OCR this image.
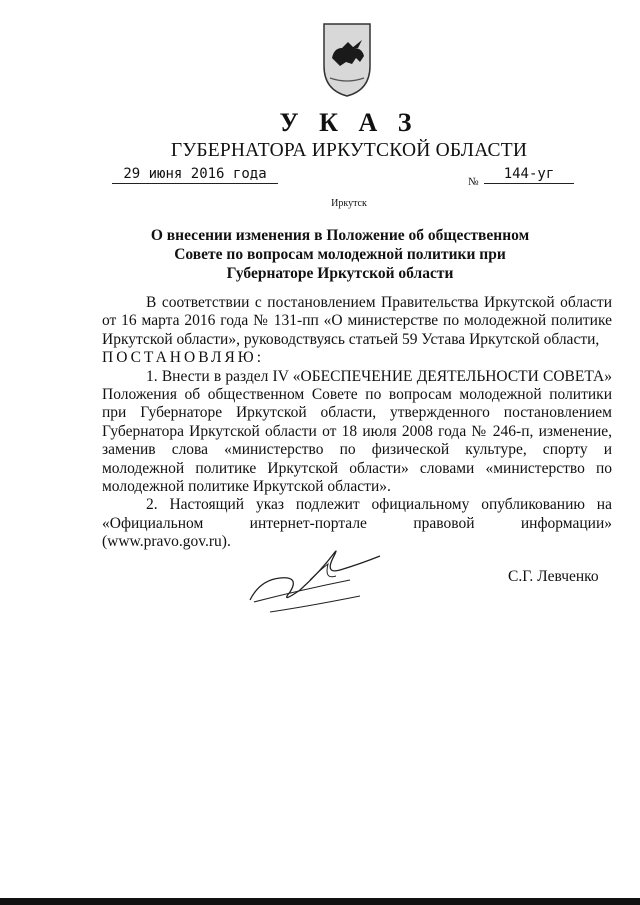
У К А З
ГУБЕРНАТОРА ИРКУТСКОЙ ОБЛАСТИ
29 июня 2016 года	№	144-уг
Иркутск
О внесении изменения в Положение об общественном
Совете по вопросам молодежной политики при
Губернаторе Иркутской области

В соответствии с постановлением Правительства Иркутской области от 16 марта 2016 года № 131-пп «О министерстве по молодежной политике Иркутской области», руководствуясь статьей 59 Устава Иркутской области,

ПОСТАНОВЛЯЮ:

1. Внести в раздел IV «ОБЕСПЕЧЕНИЕ ДЕЯТЕЛЬНОСТИ СОВЕТА» Положения об общественном Совете по вопросам молодежной политики при Губернаторе Иркутской области, утвержденного постановлением Губернатора Иркутской области от 18 июля 2008 года № 246-п, изменение, заменив слова «министерство по физической культуре, спорту и молодежной политике Иркутской области» словами «министерство по молодежной политике Иркутской области».

2. Настоящий указ подлежит официальному опубликованию на «Официальном интернет-портале правовой информации» (www.pravo.gov.ru).

С.Г. Левченко
